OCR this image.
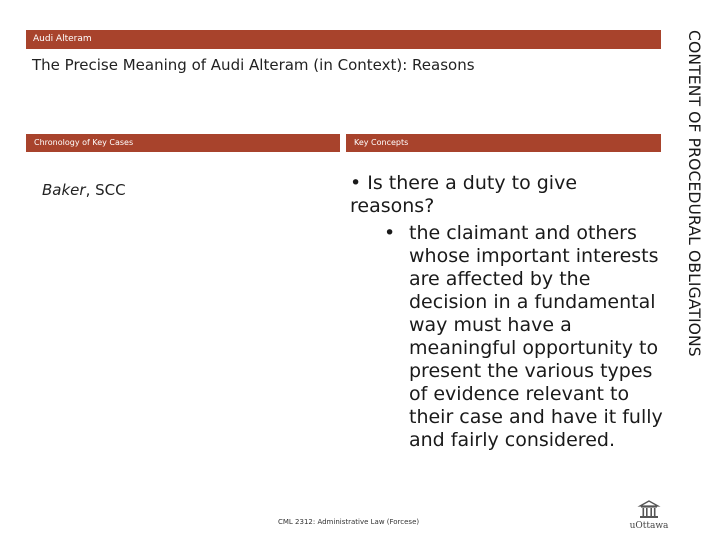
Audi Alteram
The Precise Meaning of Audi Alteram (in Context): Reasons
Chronology of Key Cases	Key Concepts
Baker, SCC	• Is there a duty to give reasons?
• the claimant and others whose important interests are affected by the decision in a fundamental way must have a meaningful opportunity to present the various types of evidence relevant to their case and have it fully and fairly considered.
CONTENT OF PROCEDURAL OBLIGATIONS
CML 2312: Administrative Law (Forcese)	uOttawa
